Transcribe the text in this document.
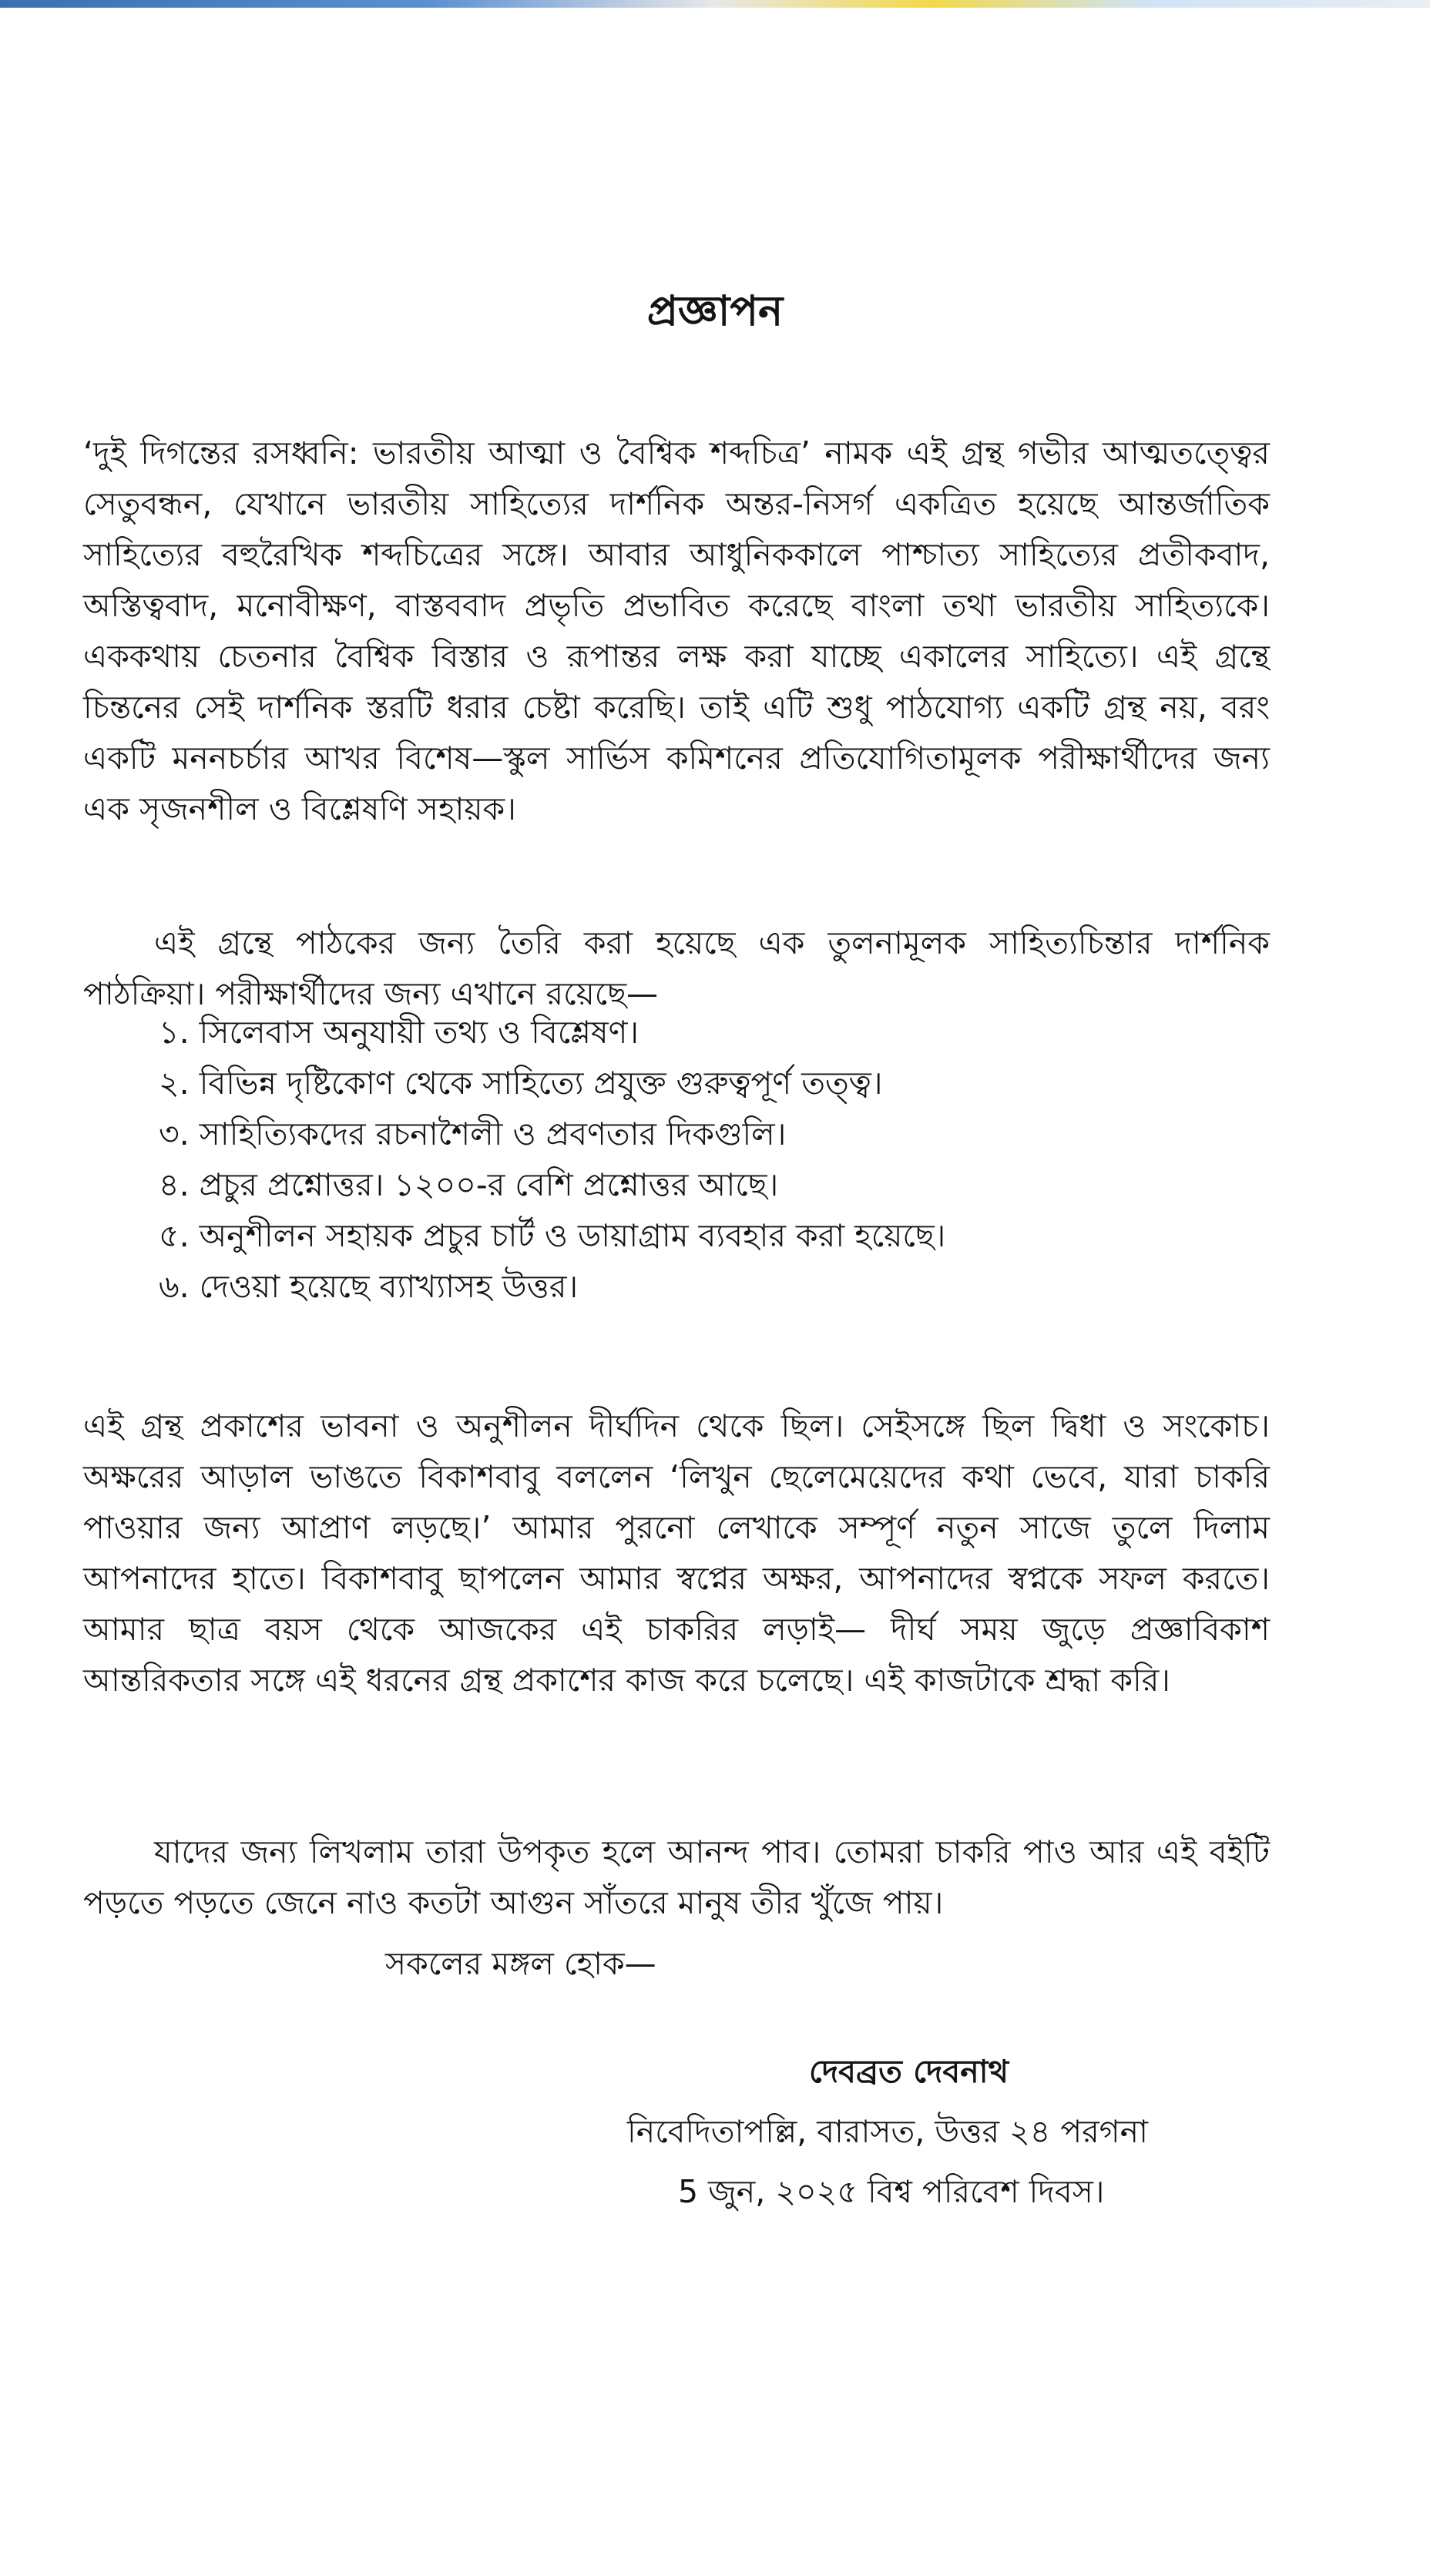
প্রজ্ঞাপন

‘দুই দিগন্তের রসধ্বনি: ভারতীয় আত্মা ও বৈশ্বিক শব্দচিত্র’ নামক এই গ্রন্থ গভীর আত্মতত্ত্বের সেতুবন্ধন, যেখানে ভারতীয় সাহিত্যের দার্শনিক অন্তর-নিসর্গ একত্রিত হয়েছে আন্তর্জাতিক সাহিত্যের বহুরৈখিক শব্দচিত্রের সঙ্গে। আবার আধুনিককালে পাশ্চাত্য সাহিত্যের প্রতীকবাদ, অস্তিত্ববাদ, মনোবীক্ষণ, বাস্তববাদ প্রভৃতি প্রভাবিত করেছে বাংলা তথা ভারতীয় সাহিত্যকে। এককথায় চেতনার বৈশ্বিক বিস্তার ও রূপান্তর লক্ষ করা যাচ্ছে একালের সাহিত্যে। এই গ্রন্থে চিন্তনের সেই দার্শনিক স্তরটি ধরার চেষ্টা করেছি। তাই এটি শুধু পাঠযোগ্য একটি গ্রন্থ নয়, বরং একটি মননচর্চার আখর বিশেষ—স্কুল সার্ভিস কমিশনের প্রতিযোগিতামূলক পরীক্ষার্থীদের জন্য এক সৃজনশীল ও বিশ্লেষণি সহায়ক।

এই গ্রন্থে পাঠকের জন্য তৈরি করা হয়েছে এক তুলনামূলক সাহিত্যচিন্তার দার্শনিক পাঠক্রিয়া। পরীক্ষার্থীদের জন্য এখানে রয়েছে—

১. সিলেবাস অনুযায়ী তথ্য ও বিশ্লেষণ।
২. বিভিন্ন দৃষ্টিকোণ থেকে সাহিত্যে প্রযুক্ত গুরুত্বপূর্ণ তত্ত্ব।
৩. সাহিত্যিকদের রচনাশৈলী ও প্রবণতার দিকগুলি।
৪. প্রচুর প্রশ্নোত্তর। ১২০০-র বেশি প্রশ্নোত্তর আছে।
৫. অনুশীলন সহায়ক প্রচুর চার্ট ও ডায়াগ্রাম ব্যবহার করা হয়েছে।
৬. দেওয়া হয়েছে ব্যাখ্যাসহ উত্তর।

এই গ্রন্থ প্রকাশের ভাবনা ও অনুশীলন দীর্ঘদিন থেকে ছিল। সেইসঙ্গে ছিল দ্বিধা ও সংকোচ। অক্ষরের আড়াল ভাঙতে বিকাশবাবু বললেন ‘লিখুন ছেলেমেয়েদের কথা ভেবে, যারা চাকরি পাওয়ার জন্য আপ্রাণ লড়ছে।’ আমার পুরনো লেখাকে সম্পূর্ণ নতুন সাজে তুলে দিলাম আপনাদের হাতে। বিকাশবাবু ছাপলেন আমার স্বপ্নের অক্ষর, আপনাদের স্বপ্নকে সফল করতে। আমার ছাত্র বয়স থেকে আজকের এই চাকরির লড়াই— দীর্ঘ সময় জুড়ে প্রজ্ঞাবিকাশ আন্তরিকতার সঙ্গে এই ধরনের গ্রন্থ প্রকাশের কাজ করে চলেছে। এই কাজটাকে শ্রদ্ধা করি।

যাদের জন্য লিখলাম তারা উপকৃত হলে আনন্দ পাব। তোমরা চাকরি পাও আর এই বইটি পড়তে পড়তে জেনে নাও কতটা আগুন সাঁতরে মানুষ তীর খুঁজে পায়।

সকলের মঙ্গল হোক—
দেবব্রত দেবনাথ
নিবেদিতাপল্লি, বারাসত, উত্তর ২৪ পরগনা
5 জুন, ২০২৫ বিশ্ব পরিবেশ দিবস।
